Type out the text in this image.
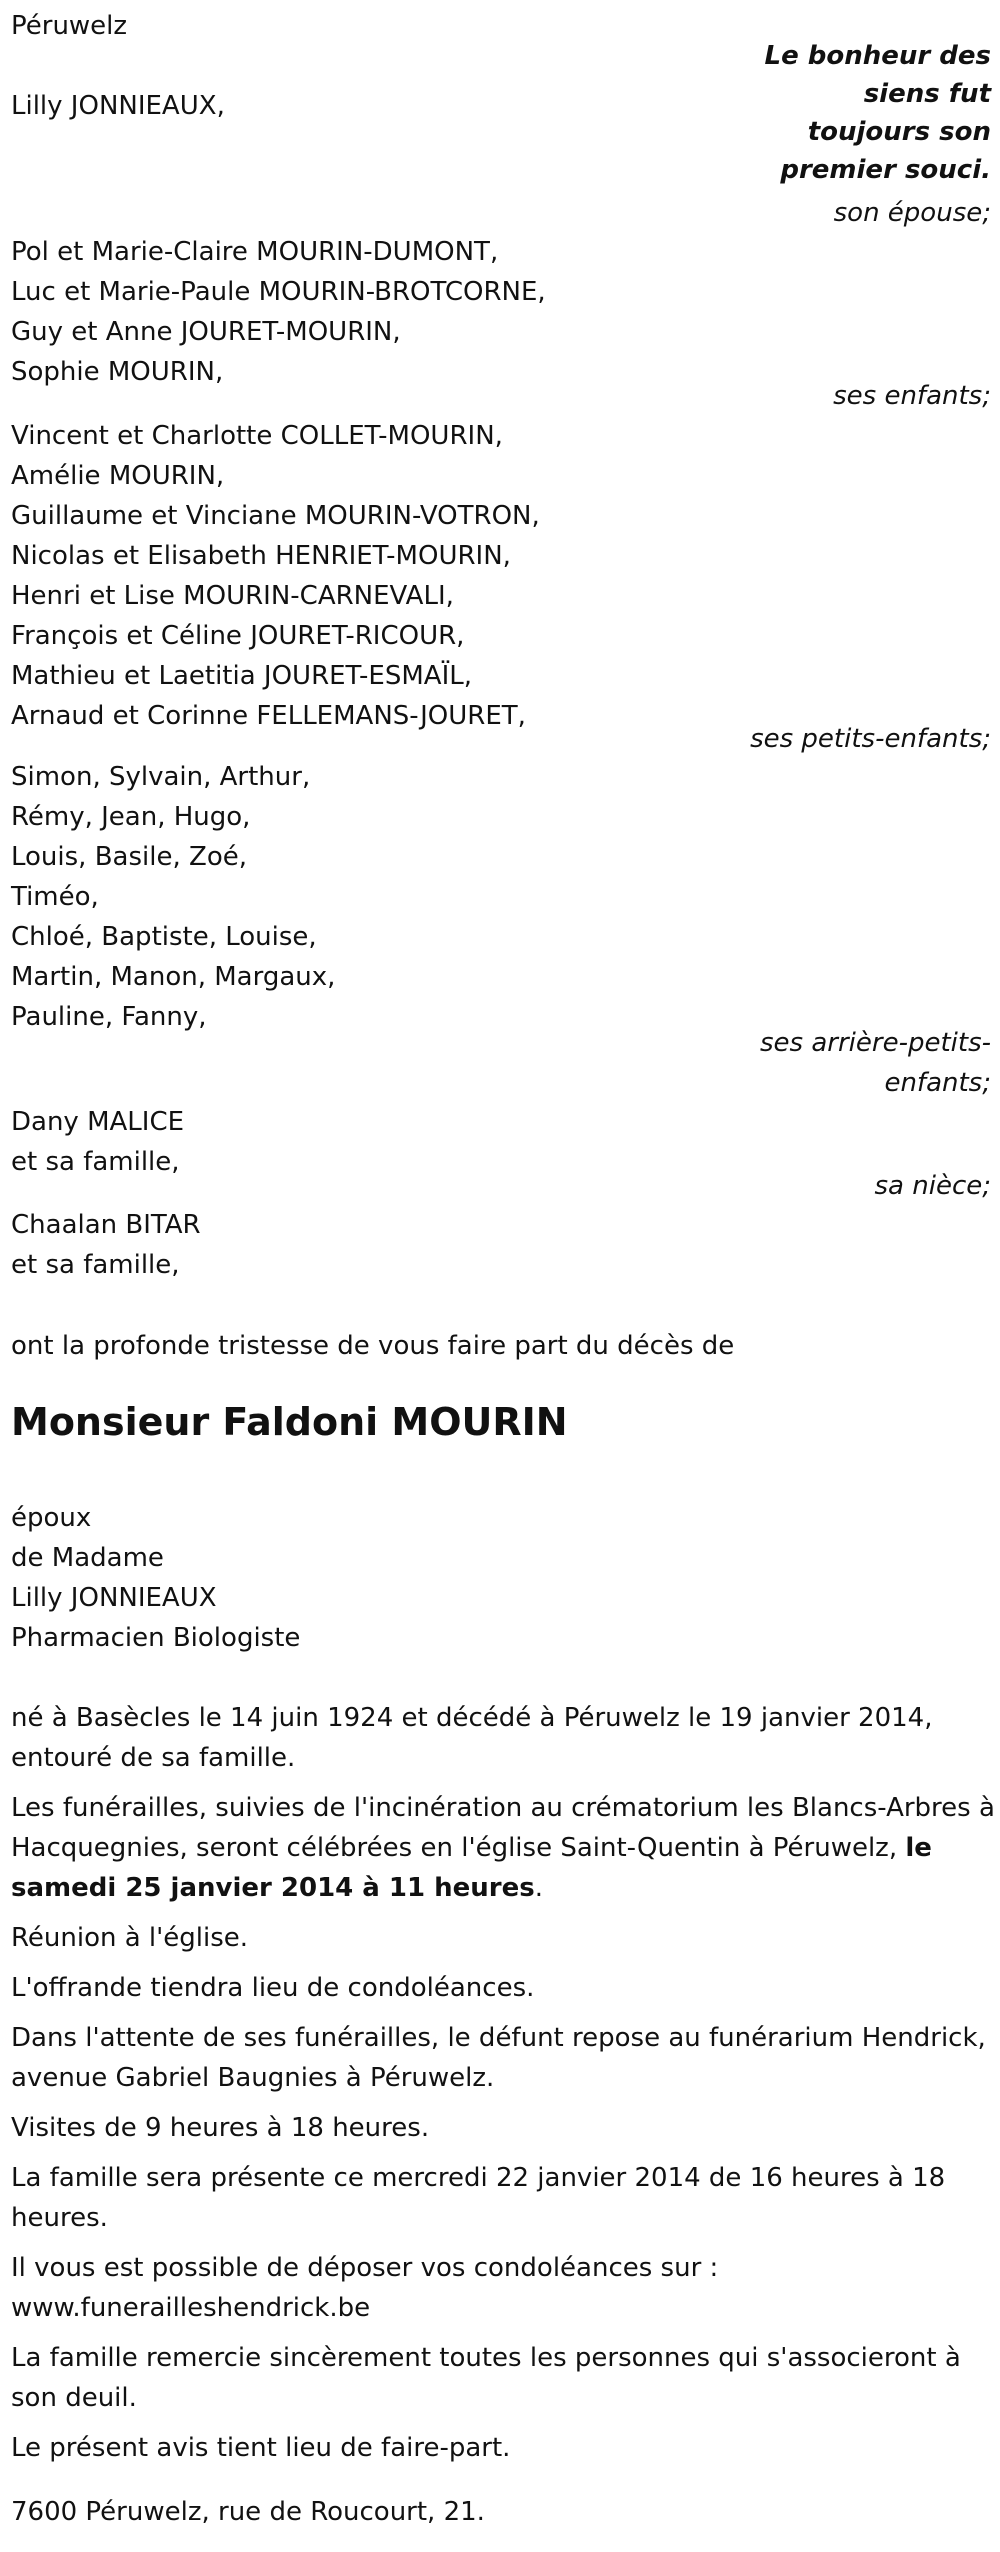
Péruwelz
Lilly JONNIEAUX,
Le bonheur des
siens fut
toujours son
premier souci.
son épouse;
Pol et Marie-Claire MOURIN-DUMONT,
Luc et Marie-Paule MOURIN-BROTCORNE,
Guy et Anne JOURET-MOURIN,
Sophie MOURIN,
ses enfants;
Vincent et Charlotte COLLET-MOURIN,
Amélie MOURIN,
Guillaume et Vinciane MOURIN-VOTRON,
Nicolas et Elisabeth HENRIET-MOURIN,
Henri et Lise MOURIN-CARNEVALI,
François et Céline JOURET-RICOUR,
Mathieu et Laetitia JOURET-ESMAÏL,
Arnaud et Corinne FELLEMANS-JOURET,
ses petits-enfants;
Simon, Sylvain, Arthur,
Rémy, Jean, Hugo,
Louis, Basile, Zoé,
Timéo,
Chloé, Baptiste, Louise,
Martin, Manon, Margaux,
Pauline, Fanny,
ses arrière-petits-
enfants;
Dany MALICE
et sa famille,
sa nièce;
Chaalan BITAR
et sa famille,
ont la profonde tristesse de vous faire part du décès de
Monsieur Faldoni MOURIN
époux
de Madame
Lilly JONNIEAUX
Pharmacien Biologiste
né à Basècles le 14 juin 1924 et décédé à Péruwelz le 19 janvier 2014, entouré de sa famille.
Les funérailles, suivies de l'incinération au crématorium les Blancs-Arbres à Hacquegnies, seront célébrées en l'église Saint-Quentin à Péruwelz, le samedi 25 janvier 2014 à 11 heures.
Réunion à l'église.
L'offrande tiendra lieu de condoléances.
Dans l'attente de ses funérailles, le défunt repose au funérarium Hendrick, avenue Gabriel Baugnies à Péruwelz.
Visites de 9 heures à 18 heures.
La famille sera présente ce mercredi 22 janvier 2014 de 16 heures à 18 heures.
Il vous est possible de déposer vos condoléances sur :
www.funerailleshendrick.be
La famille remercie sincèrement toutes les personnes qui s'associeront à son deuil.
Le présent avis tient lieu de faire-part.
7600 Péruwelz, rue de Roucourt, 21.
